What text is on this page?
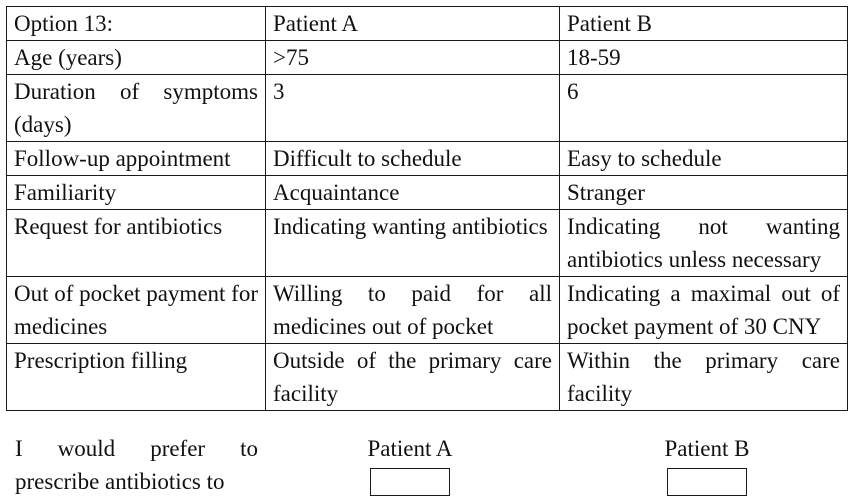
Option 13:	Patient A	Patient B
Age (years)	>75	18-59
Duration of symptoms (days)	3	6
Follow-up appointment	Difficult to schedule	Easy to schedule
Familiarity	Acquaintance	Stranger
Request for antibiotics	Indicating wanting antibiotics	Indicating not wanting antibiotics unless necessary
Out of pocket payment for medicines	Willing to paid for all medicines out of pocket	Indicating a maximal out of pocket payment of 30 CNY
Prescription filling	Outside of the primary care facility	Within the primary care facility
I would prefer to prescribe antibiotics to
Patient A	Patient B
